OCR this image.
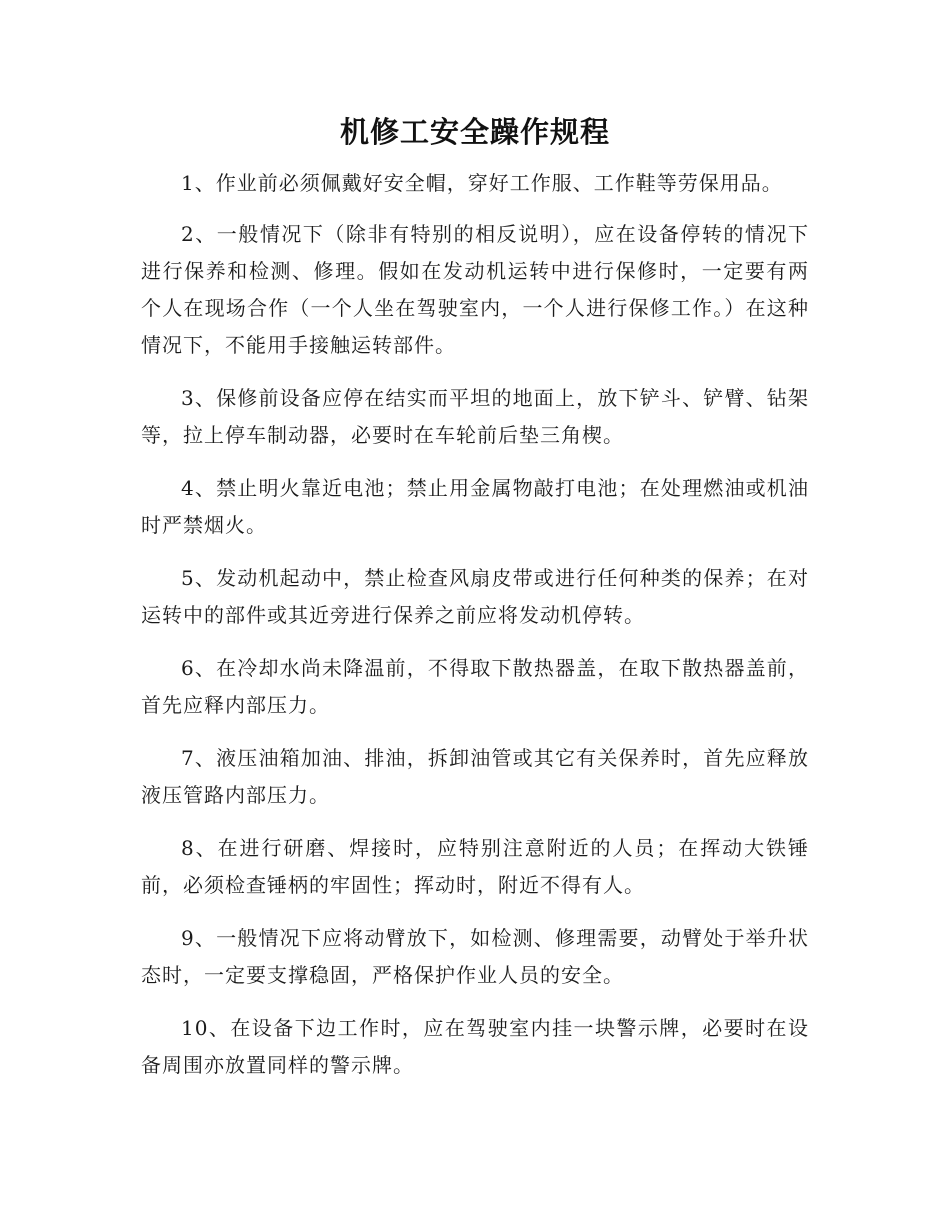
机修工安全躁作规程

1、作业前必须佩戴好安全帽，穿好工作服、工作鞋等劳保用品。

2、一般情况下（除非有特别的相反说明），应在设备停转的情况下进行保养和检测、修理。假如在发动机运转中进行保修时，一定要有两个人在现场合作（一个人坐在驾驶室内，一个人进行保修工作。）在这种情况下，不能用手接触运转部件。

3、保修前设备应停在结实而平坦的地面上，放下铲斗、铲臂、钻架等，拉上停车制动器，必要时在车轮前后垫三角楔。

4、禁止明火靠近电池；禁止用金属物敲打电池；在处理燃油或机油时严禁烟火。

5、发动机起动中，禁止检查风扇皮带或进行任何种类的保养；在对运转中的部件或其近旁进行保养之前应将发动机停转。

6、在冷却水尚未降温前，不得取下散热器盖，在取下散热器盖前，首先应释内部压力。

7、液压油箱加油、排油，拆卸油管或其它有关保养时，首先应释放液压管路内部压力。

8、在进行研磨、焊接时，应特别注意附近的人员；在挥动大铁锤前，必须检查锤柄的牢固性；挥动时，附近不得有人。

9、一般情况下应将动臂放下，如检测、修理需要，动臂处于举升状态时，一定要支撑稳固，严格保护作业人员的安全。

10、在设备下边工作时，应在驾驶室内挂一块警示牌，必要时在设备周围亦放置同样的警示牌。
